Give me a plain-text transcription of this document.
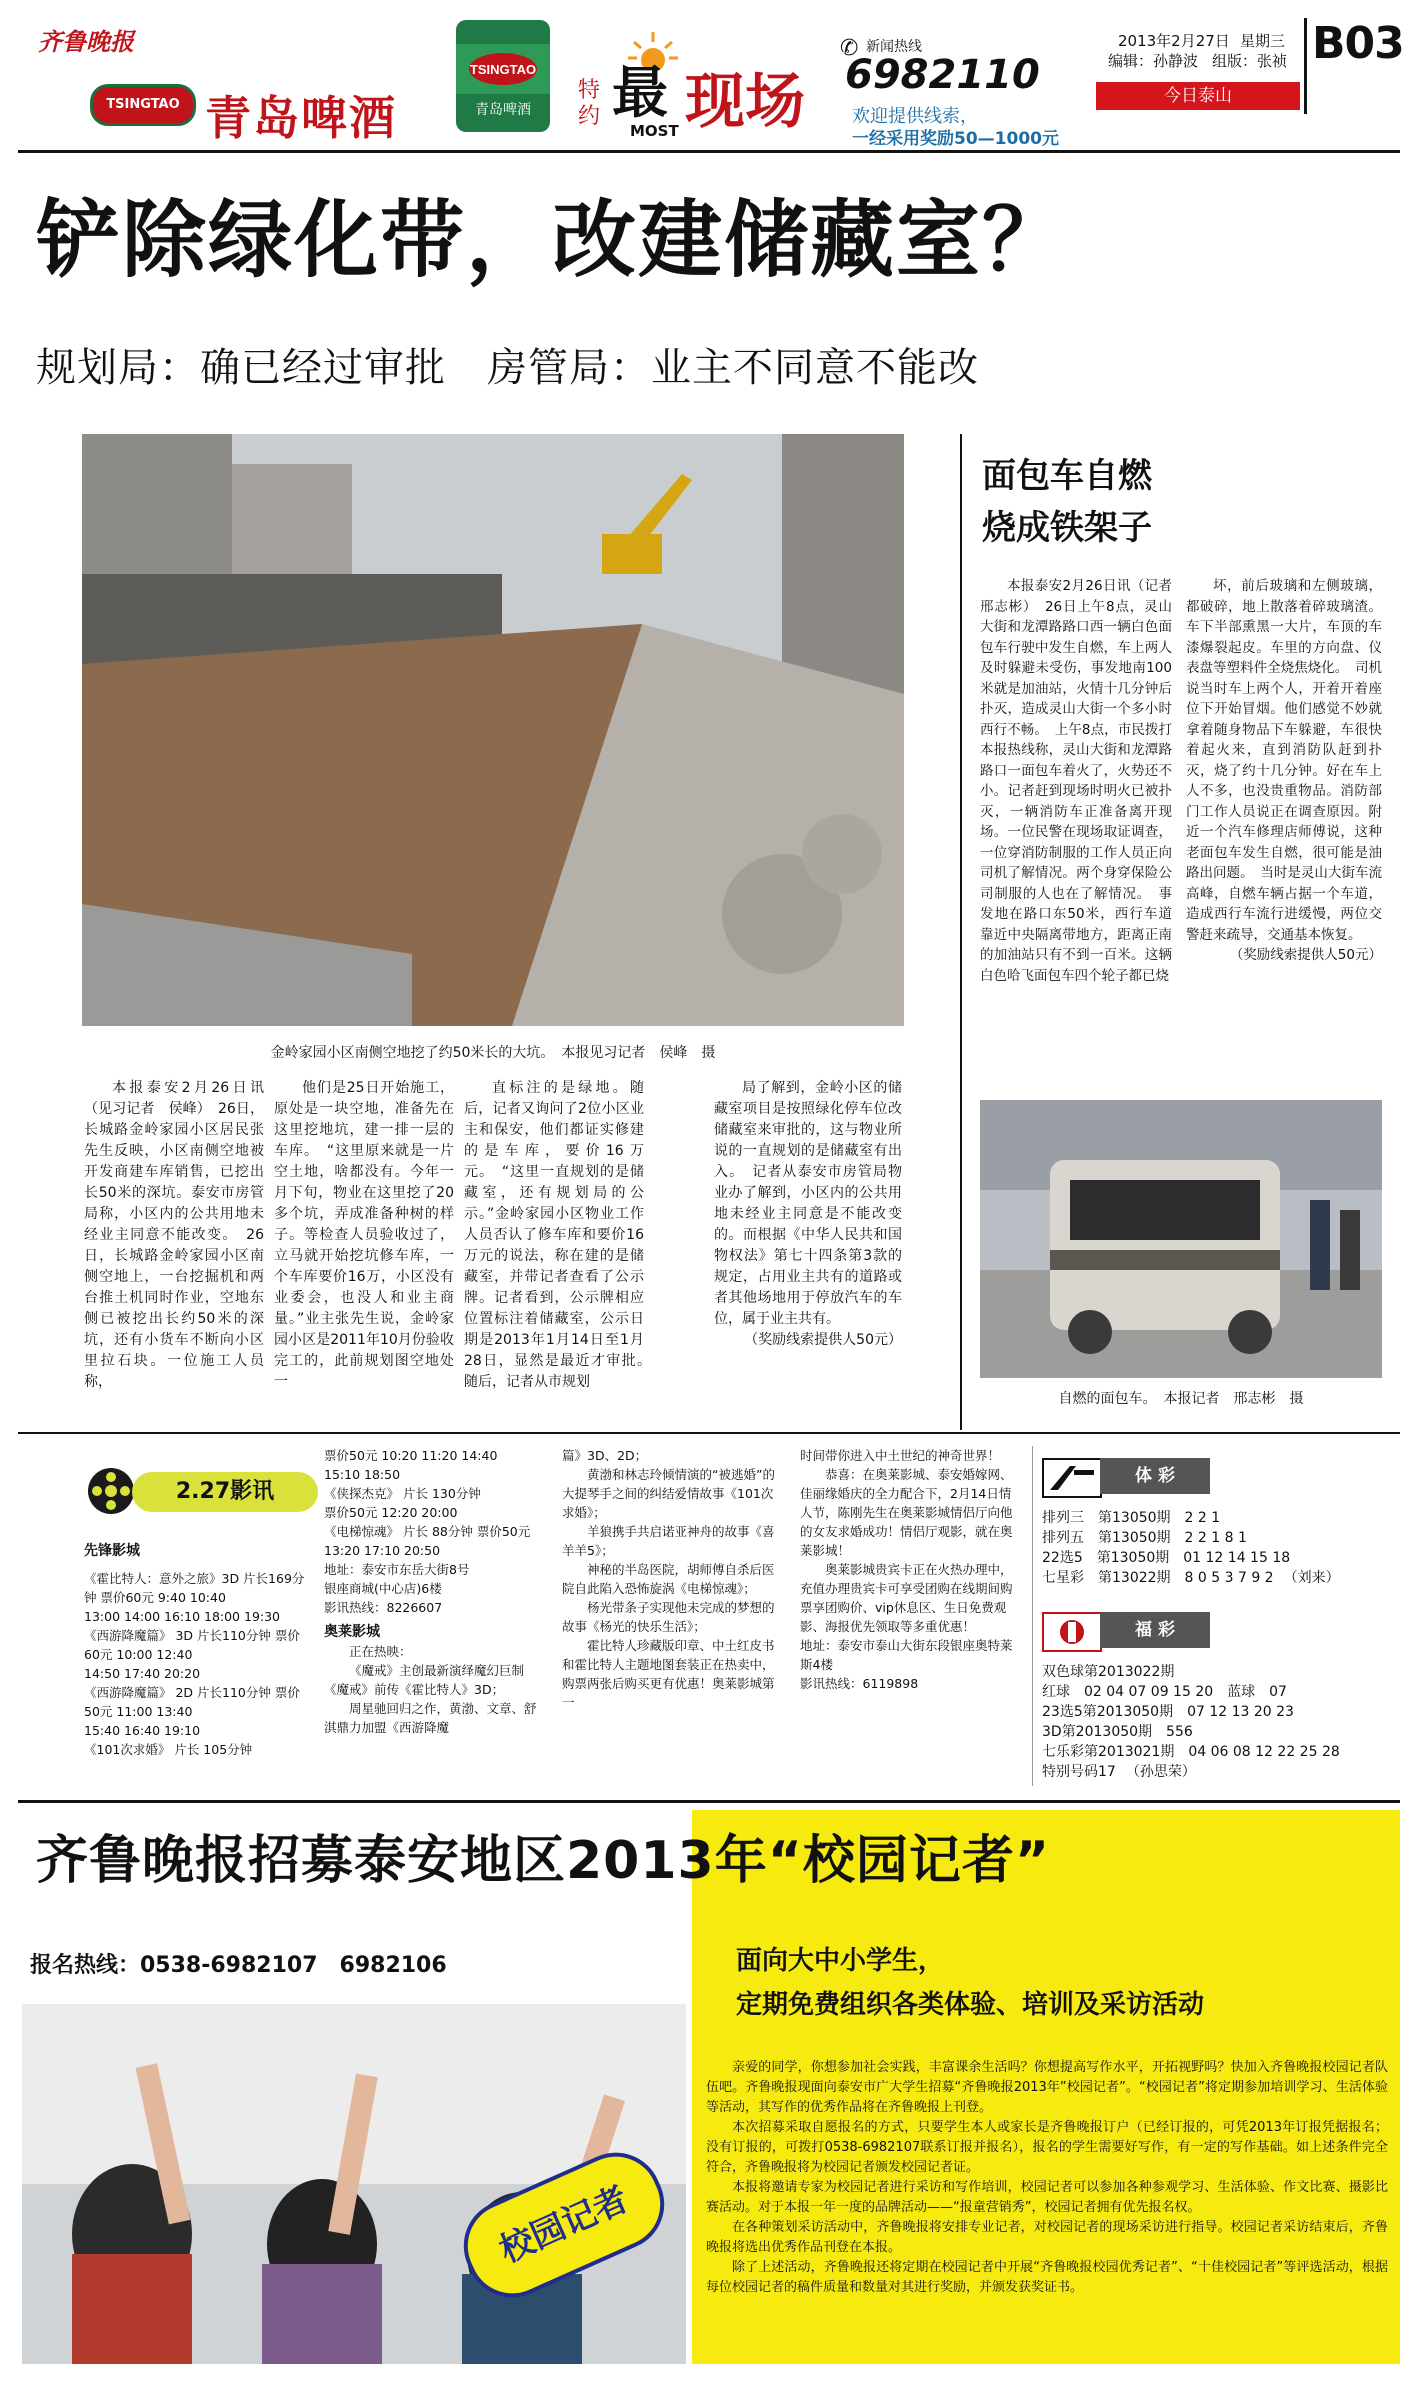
齐鲁晚报
TSINGTAO 青岛啤酒
TSINGTAO
青岛啤酒
特约 最
MOST 现场
✆ 新闻热线
6982110
欢迎提供线索，
一经采用奖励50—1000元
2013年2月27日 星期三
编辑：孙静波 组版：张祯 B03
今日泰山
铲除绿化带，改建储藏室？
规划局：确已经过审批　房管局：业主不同意不能改
金岭家园小区南侧空地挖了约50米长的大坑。　本报见习记者　侯峰　摄

本报泰安2月26日讯（见习记者　侯峰）　26日，长城路金岭家园小区居民张先生反映，小区南侧空地被开发商建车库销售，已挖出长50米的深坑。泰安市房管局称，小区内的公共用地未经业主同意不能改变。　26日，长城路金岭家园小区南侧空地上，一台挖掘机和两台推土机同时作业，空地东侧已被挖出长约50米的深坑，还有小货车不断向小区里拉石块。一位施工人员称，

他们是25日开始施工，原处是一块空地，准备先在这里挖地坑，建一排一层的车库。　“这里原来就是一片空土地，啥都没有。今年一月下旬，物业在这里挖了20多个坑，弄成准备种树的样子。等检查人员验收过了，立马就开始挖坑修车库，一个车库要价16万，小区没有业委会，也没人和业主商量。”业主张先生说，金岭家园小区是2011年10月份验收完工的，此前规划图空地处一

直标注的是绿地。随后，记者又询问了2位小区业主和保安，他们都证实修建的是车库，要价16万元。　“这里一直规划的是储藏室，还有规划局的公示。”金岭家园小区物业工作人员否认了修车库和要价16万元的说法，称在建的是储藏室，并带记者查看了公示牌。记者看到，公示牌相应位置标注着储藏室，公示日期是2013年1月14日至1月28日，显然是最近才审批。　随后，记者从市规划

局了解到，金岭小区的储藏室项目是按照绿化停车位改储藏室来审批的，这与物业所说的一直规划的是储藏室有出入。　记者从泰安市房管局物业办了解到，小区内的公共用地未经业主同意是不能改变的。而根据《中华人民共和国物权法》第七十四条第3款的规定，占用业主共有的道路或者其他场地用于停放汽车的车位，属于业主共有。

（奖励线索提供人50元）
面包车自燃
烧成铁架子

本报泰安2月26日讯（记者　邢志彬）　26日上午8点，灵山大街和龙潭路路口西一辆白色面包车行驶中发生自燃，车上两人及时躲避未受伤，事发地南100米就是加油站，火情十几分钟后扑灭，造成灵山大街一个多小时西行不畅。　上午8点，市民拨打本报热线称，灵山大街和龙潭路路口一面包车着火了，火势还不小。记者赶到现场时明火已被扑灭，一辆消防车正准备离开现场。一位民警在现场取证调查，一位穿消防制服的工作人员正向司机了解情况。两个身穿保险公司制服的人也在了解情况。　事发地在路口东50米，西行车道靠近中央隔离带地方，距离正南的加油站只有不到一百米。这辆白色哈飞面包车四个轮子都已烧

坏，前后玻璃和左侧玻璃，都破碎，地上散落着碎玻璃渣。车下半部熏黑一大片，车顶的车漆爆裂起皮。车里的方向盘、仪表盘等塑料件全烧焦烧化。　司机说当时车上两个人，开着开着座位下开始冒烟。他们感觉不妙就拿着随身物品下车躲避，车很快着起火来，直到消防队赶到扑灭，烧了约十几分钟。好在车上人不多，也没贵重物品。消防部门工作人员说正在调查原因。附近一个汽车修理店师傅说，这种老面包车发生自燃，很可能是油路出问题。　当时是灵山大街车流高峰，自燃车辆占据一个车道，造成西行车流行进缓慢，两位交警赶来疏导，交通基本恢复。

（奖励线索提供人50元）
自燃的面包车。　本报记者　邢志彬　摄
2.27影讯
先锋影城
《霍比特人：意外之旅》3D 片长169分钟 票价60元 9:40 10:40
13:00 14:00 16:10 18:00 19:30
《西游降魔篇》 3D 片长110分钟 票价60元 10:00 12:40
14:50 17:40 20:20
《西游降魔篇》 2D 片长110分钟 票价50元 11:00 13:40
15:40 16:40 19:10
《101次求婚》 片长 105分钟
票价50元 10:20 11:20 14:40
15:10 18:50
《侠探杰克》 片长 130分钟
票价50元 12:20 20:00
《电梯惊魂》 片长 88分钟 票价50元 13:20 17:10 20:50
地址：泰安市东岳大街8号
银座商城(中心店)6楼
影讯热线：8226607
奥莱影城
正在热映：
《魔戒》主创最新演绎魔幻巨制《魔戒》前传《霍比特人》3D；
周星驰回归之作，黄渤、文章、舒淇鼎力加盟《西游降魔
篇》3D、2D；
黄渤和林志玲倾情演的“被逃婚”的大提琴手之间的纠结爱情故事《101次求婚》；
羊狼携手共启诺亚神舟的故事《喜羊羊5》；
神秘的半岛医院，胡师傅自杀后医院自此陷入恐怖旋涡《电梯惊魂》；
杨光带条子实现他未完成的梦想的故事《杨光的快乐生活》；
霍比特人珍藏版印章、中土红皮书和霍比特人主题地图套装正在热卖中，购票两张后购买更有优惠！奥莱影城第一
时间带你进入中土世纪的神奇世界！
恭喜：在奥莱影城、泰安婚嫁网、佳丽缘婚庆的全力配合下，2月14日情人节，陈刚先生在奥莱影城情侣厅向他的女友求婚成功！情侣厅观影，就在奥莱影城！
奥莱影城贵宾卡正在火热办理中，充值办理贵宾卡可享受团购在线期间购票享团购价、vip休息区、生日免费观影、海报优先领取等多重优惠！
地址：泰安市泰山大街东段银座奥特莱斯4楼
影讯热线：6119898
体 彩
排列三　第13050期　2 2 1
排列五　第13050期　2 2 1 8 1
22选5　第13050期　01 12 14 15 18
七星彩　第13022期　8 0 5 3 7 9 2 （刘来）
福 彩
双色球第2013022期
红球　02 04 07 09 15 20　蓝球　07
23选5第2013050期　07 12 13 20 23
3D第2013050期　556
七乐彩第2013021期　04 06 08 12 22 25 28
特别号码17 （孙思荣）
齐鲁晚报招募泰安地区2013年“校园记者”
报名热线：0538-6982107　6982106
校园记者
面向大中小学生，
定期免费组织各类体验、培训及采访活动

亲爱的同学，你想参加社会实践，丰富课余生活吗？你想提高写作水平，开拓视野吗？快加入齐鲁晚报校园记者队伍吧。齐鲁晚报现面向泰安市广大学生招募“齐鲁晚报2013年”校园记者”。“校园记者”将定期参加培训学习、生活体验等活动，其写作的优秀作品将在齐鲁晚报上刊登。

本次招募采取自愿报名的方式，只要学生本人或家长是齐鲁晚报订户（已经订报的，可凭2013年订报凭据报名；没有订报的，可拨打0538-6982107联系订报并报名），报名的学生需要好写作，有一定的写作基础。如上述条件完全符合，齐鲁晚报将为校园记者颁发校园记者证。

本报将邀请专家为校园记者进行采访和写作培训，校园记者可以参加各种参观学习、生活体验、作文比赛、摄影比赛活动。对于本报一年一度的品牌活动——“报童营销秀”，校园记者拥有优先报名权。

在各种策划采访活动中，齐鲁晚报将安排专业记者，对校园记者的现场采访进行指导。校园记者采访结束后，齐鲁晚报将选出优秀作品刊登在本报。

除了上述活动，齐鲁晚报还将定期在校园记者中开展“齐鲁晚报校园优秀记者”、“十佳校园记者”等评选活动，根据每位校园记者的稿件质量和数量对其进行奖励，并颁发获奖证书。
